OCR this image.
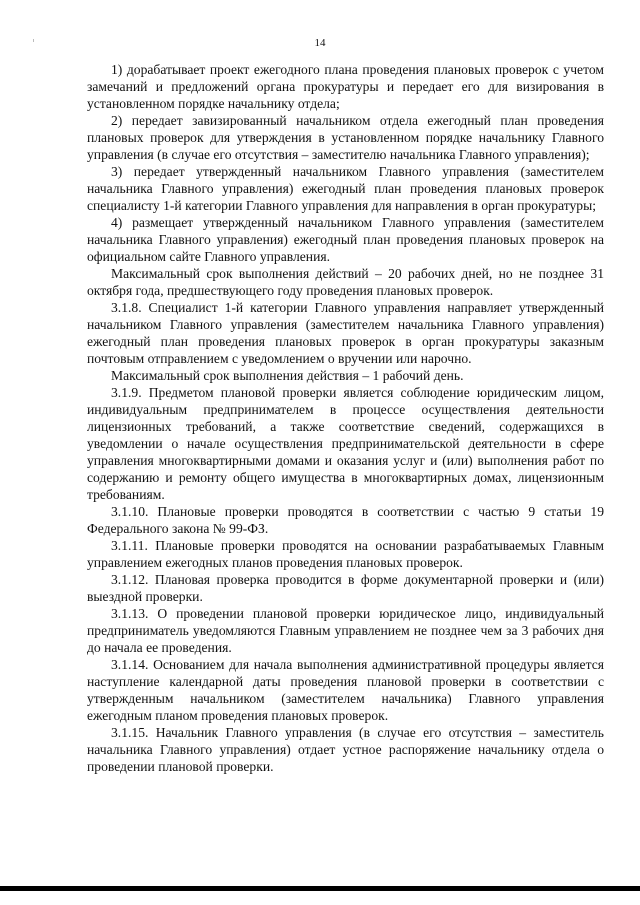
14

1) дорабатывает проект ежегодного плана проведения плановых проверок с учетом замечаний и предложений органа прокуратуры и передает его для визирования в установленном порядке начальнику отдела;

2) передает завизированный начальником отдела ежегодный план проведения плановых проверок для утверждения в установленном порядке начальнику Главного управления (в случае его отсутствия – заместителю начальника Главного управления);

3) передает утвержденный начальником Главного управления (заместителем начальника Главного управления) ежегодный план проведения плановых проверок специалисту 1-й категории Главного управления для направления в орган прокуратуры;

4) размещает утвержденный начальником Главного управления (заместителем начальника Главного управления) ежегодный план проведения плановых проверок на официальном сайте Главного управления.

Максимальный срок выполнения действий – 20 рабочих дней, но не позднее 31 октября года, предшествующего году проведения плановых проверок.

3.1.8. Специалист 1-й категории Главного управления направляет утвержденный начальником Главного управления (заместителем начальника Главного управления) ежегодный план проведения плановых проверок в орган прокуратуры заказным почтовым отправлением с уведомлением о вручении или нарочно.

Максимальный срок выполнения действия – 1 рабочий день.

3.1.9. Предметом плановой проверки является соблюдение юридическим лицом, индивидуальным предпринимателем в процессе осуществления деятельности лицензионных требований, а также соответствие сведений, содержащихся в уведомлении о начале осуществления предпринимательской деятельности в сфере управления многоквартирными домами и оказания услуг и (или) выполнения работ по содержанию и ремонту общего имущества в многоквартирных домах, лицензионным требованиям.

3.1.10. Плановые проверки проводятся в соответствии с частью 9 статьи 19 Федерального закона № 99-ФЗ.

3.1.11. Плановые проверки проводятся на основании разрабатываемых Главным управлением ежегодных планов проведения плановых проверок.

3.1.12. Плановая проверка проводится в форме документарной проверки и (или) выездной проверки.

3.1.13. О проведении плановой проверки юридическое лицо, индивидуальный предприниматель уведомляются Главным управлением не позднее чем за 3 рабочих дня до начала ее проведения.

3.1.14. Основанием для начала выполнения административной процедуры является наступление календарной даты проведения плановой проверки в соответствии с утвержденным начальником (заместителем начальника) Главного управления ежегодным планом проведения плановых проверок.

3.1.15. Начальник Главного управления (в случае его отсутствия – заместитель начальника Главного управления) отдает устное распоряжение начальнику отдела о проведении плановой проверки.
